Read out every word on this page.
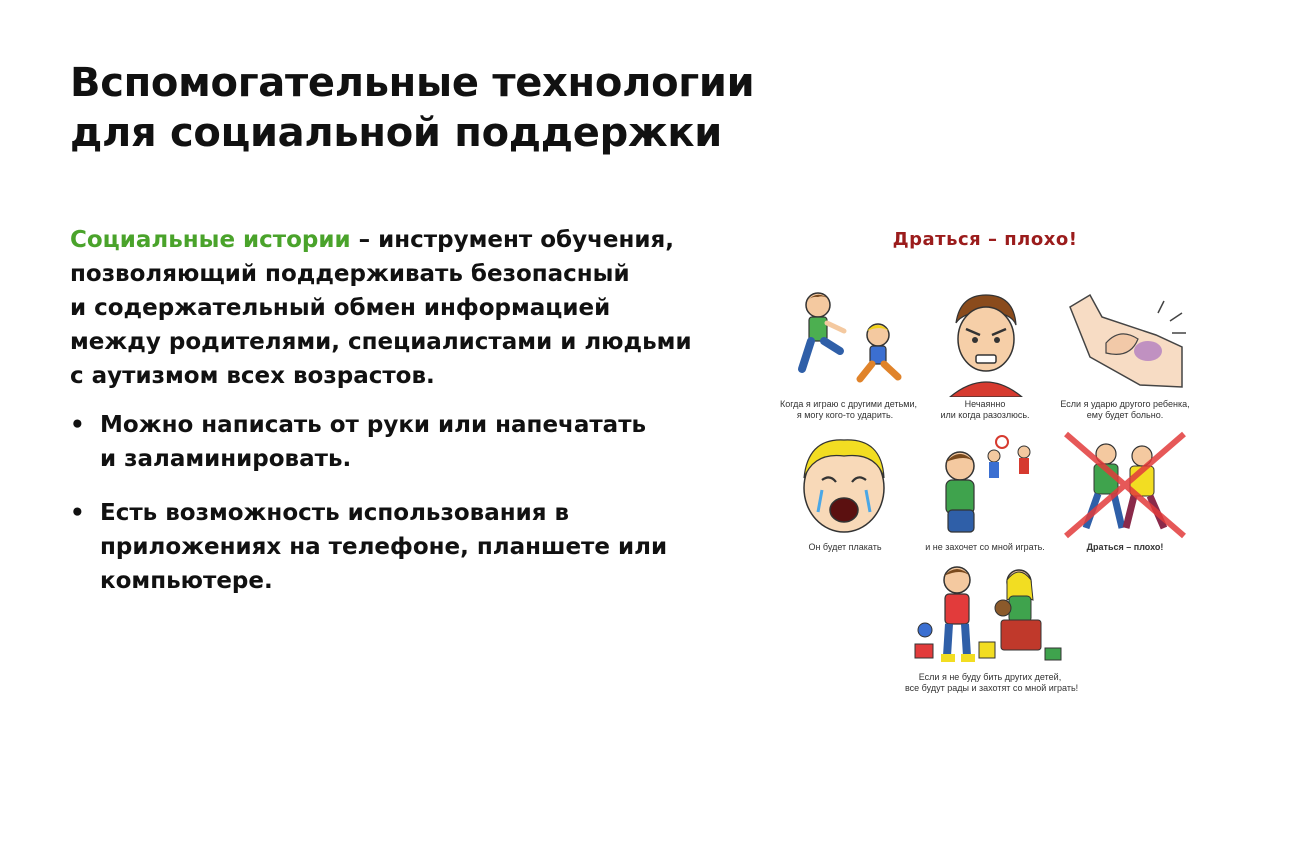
Вспомогательные технологии
для социальной поддержки

Социальные истории – инструмент обучения,
позволяющий поддерживать безопасный
и содержательный обмен информацией
между родителями, специалистами и людьми
с аутизмом всех возрастов.

• Можно написать от руки или напечатать
и заламинировать.
• Есть возможность использования в
приложениях на телефоне, планшете или
компьютере.
Драться – плохо!
Когда я играю с другими детьми,
я могу кого-то ударить.
Нечаянно
или когда разозлюсь.
Если я ударю другого ребенка,
ему будет больно.
Он будет плакать	и не захочет со мной играть.	Драться – плохо!
Если я не буду бить других детей,
все будут рады и захотят со мной играть!
